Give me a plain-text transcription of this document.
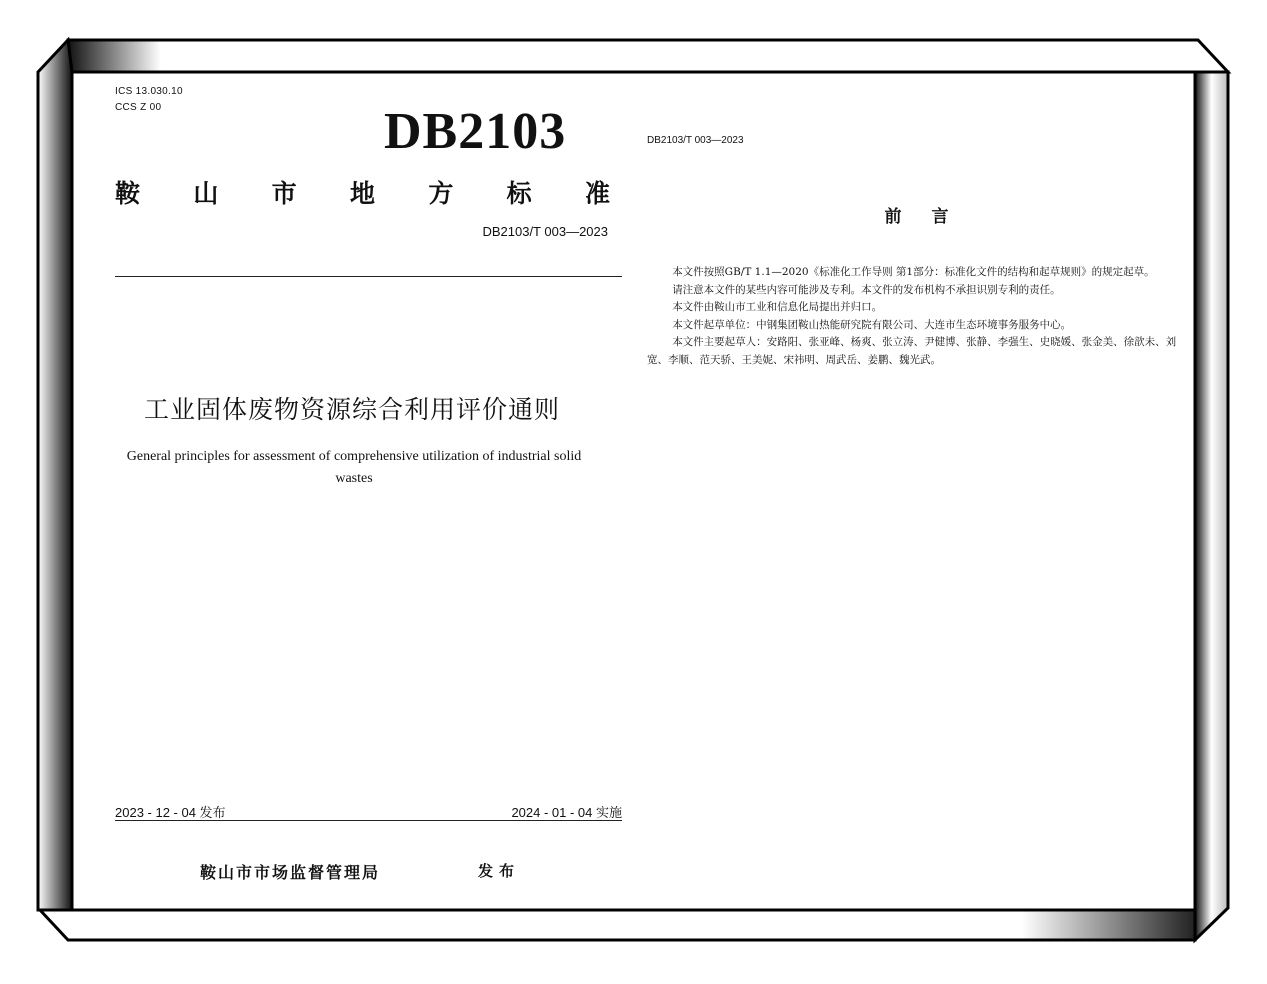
ICS 13.030.10
CCS Z 00	DB2103
鞍 山 市 地 方 标 准
DB2103/T 003—2023
工业固体废物资源综合利用评价通则
General principles for assessment of comprehensive utilization of industrial solid wastes
2023 - 12 - 04 发布	2024 - 01 - 04 实施
鞍山市市场监督管理局	发布
DB2103/T 003—2023
前言

本文件按照GB/T 1.1—2020《标准化工作导则 第1部分：标准化文件的结构和起草规则》的规定起草。

请注意本文件的某些内容可能涉及专利。本文件的发布机构不承担识别专利的责任。

本文件由鞍山市工业和信息化局提出并归口。

本文件起草单位：中钢集团鞍山热能研究院有限公司、大连市生态环境事务服务中心。

本文件主要起草人：安路阳、张亚峰、杨爽、张立涛、尹健博、张静、李强生、史晓媛、张金美、徐歆未、刘宽、李顺、范天骄、王美妮、宋祎明、周武岳、姜鹏、魏光武。
